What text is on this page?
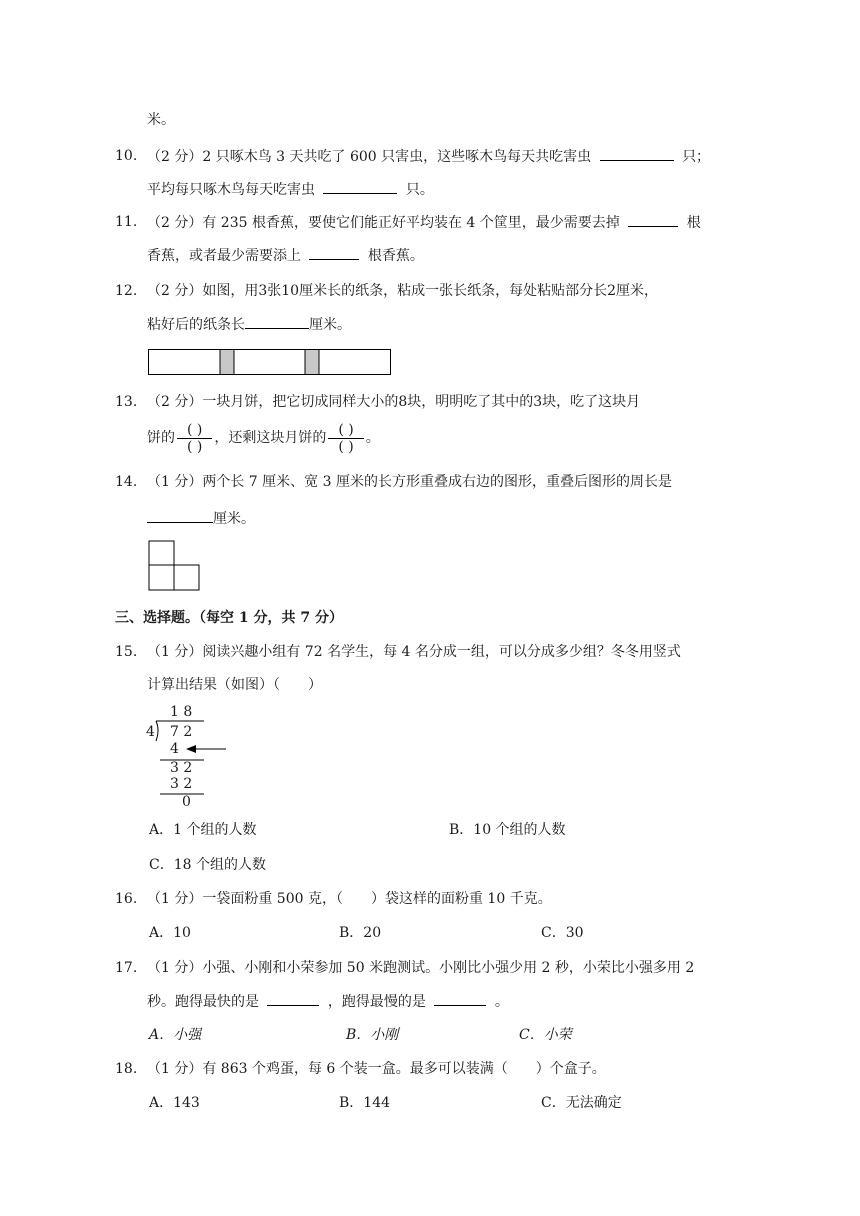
米。
10. （2 分）2 只啄木鸟 3 天共吃了 600 只害虫，这些啄木鸟每天共吃害虫	只；
平均每只啄木鸟每天吃害虫	只。
11. （2 分）有 235 根香蕉，要使它们能正好平均装在 4 个筐里，最少需要去掉	根
香蕉，或者最少需要添上	根香蕉。
12. （2 分）如图，用3张10厘米长的纸条，粘成一张长纸条，每处粘贴部分长2厘米，
粘好后的纸条长	厘米。
13. （2 分）一块月饼，把它切成同样大小的8块，明明吃了其中的3块，吃了这块月
饼的 $\frac{( )}{( )}$ ，还剩这块月饼的 $\frac{( )}{( )}$ 。
14. （1 分）两个长 7 厘米、宽 3 厘米的长方形重叠成右边的图形，重叠后图形的周长是
厘米。
三、选择题。（每空 1 分，共 7 分）
15. （1 分）阅读兴趣小组有 72 名学生，每 4 名分成一组，可以分成多少组？冬冬用竖式
计算出结果（如图）（　　）
1 8
4 7 2
4
3 2
3 2
0
A．1 个组的人数	B．10 个组的人数
C．18 个组的人数
16. （1 分）一袋面粉重 500 克，（　　）袋这样的面粉重 10 千克。
A．10	B．20	C．30
17. （1 分）小强、小刚和小荣参加 50 米跑测试。小刚比小强少用 2 秒，小荣比小强多用 2
秒。跑得最快的是	，跑得最慢的是	。
A．小强	B．小刚	C．小荣
18. （1 分）有 863 个鸡蛋，每 6 个装一盒。最多可以装满（　　）个盒子。
A．143	B．144	C．无法确定
